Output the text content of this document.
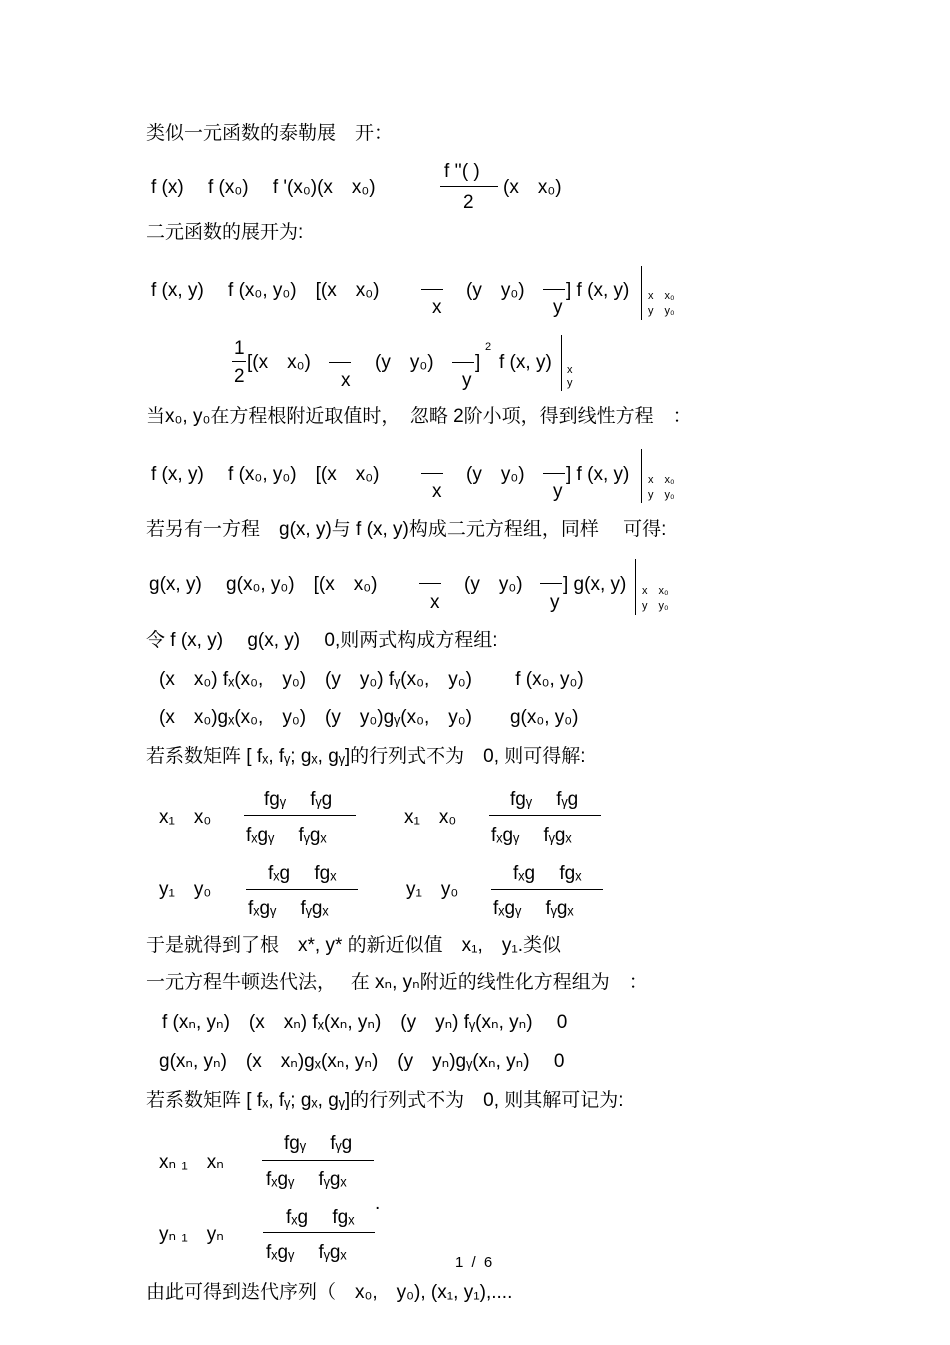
类似一元函数的泰勒展　开：
f (x)　 f (x₀)　 f '(x₀)(x　x₀)
f ''( )
2
(x　x₀)
二元函数的展开为:
f (x, y)　 f (x₀, y₀)　[(x　x₀)
x
(y　y₀)
y
] f (x, y) x　x₀
y　y₀
1
2
[(x　x₀)
x
(y　y₀)
y
]
2
f (x, y) x
y
当x₀, y₀在方程根附近取值时，　忽略 2阶小项，得到线性方程　：
f (x, y)　 f (x₀, y₀)　[(x　x₀)
x
(y　y₀)
y
] f (x, y) x　x₀
y　y₀
若另有一方程　g(x, y)与 f (x, y)构成二元方程组，同样　 可得:
g(x, y)　 g(x₀, y₀)　[(x　x₀)
x
(y　y₀)
y
] g(x, y) x　x₀
y　y₀
令 f (x, y)　 g(x, y)　 0,则两式构成方程组:
(x　x₀) fₓ(x₀,　y₀)　(y　y₀) fᵧ(x₀,　y₀)　　 f (x₀, y₀)
(x　x₀)gₓ(x₀,　y₀)　(y　y₀)gᵧ(x₀,　y₀)　　g(x₀, y₀)
若系数矩阵 [ fₓ, fᵧ; gₓ, gᵧ]的行列式不为　0, 则可得解:
x₁　x₀
fgᵧ　 fᵧg
fₓgᵧ　 fᵧgₓ
x₁　x₀
fgᵧ　 fᵧg
fₓgᵧ　 fᵧgₓ
y₁　y₀
fₓg　 fgₓ
fₓgᵧ　 fᵧgₓ
y₁　y₀
fₓg　 fgₓ
fₓgᵧ　 fᵧgₓ
于是就得到了根　x*, y* 的新近似值　x₁,　y₁.类似
一元方程牛顿迭代法，　 在 xₙ, yₙ附近的线性化方程组为　：
f (xₙ, yₙ)　(x　xₙ) fₓ(xₙ, yₙ)　(y　yₙ) fᵧ(xₙ, yₙ)　 0
g(xₙ, yₙ)　(x　xₙ)gₓ(xₙ, yₙ)　(y　yₙ)gᵧ(xₙ, yₙ)　 0
若系数矩阵 [ fₓ, fᵧ; gₓ, gᵧ]的行列式不为　0, 则其解可记为:
xₙ ₁　xₙ
fgᵧ　 fᵧg
fₓgᵧ　 fᵧgₓ
yₙ ₁　yₙ
fₓg　 fgₓ
fₓgᵧ　 fᵧgₓ
.
1 / 6
由此可得到迭代序列（　x₀,　y₀), (x₁, y₁),....
